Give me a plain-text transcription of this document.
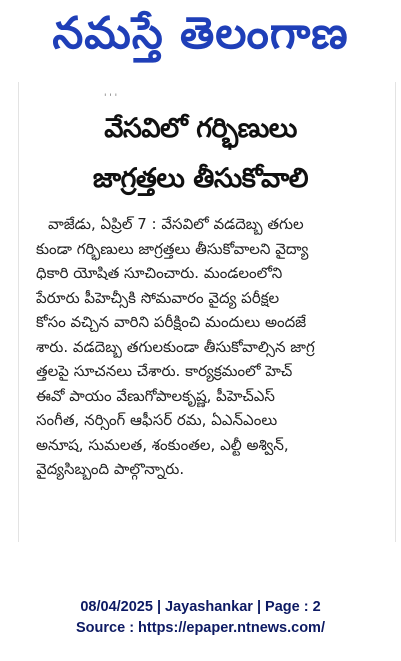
నమస్తే తెలంగాణ
' ' '
వేసవిలో గర్భిణులు
జాగ్రత్తలు తీసుకోవాలి
వాజేడు, ఏప్రిల్ 7 : వేసవిలో వడదెబ్బ తగుల
కుండా గర్భిణులు జాగ్రత్తలు తీసుకోవాలని వైద్యా
ధికారి యోషిత సూచించారు. మండలంలోని
పేరూరు పీహెచ్సీకి సోమవారం వైద్య పరీక్షల
కోసం వచ్చిన వారిని పరీక్షించి మందులు అందజే
శారు. వడదెబ్బ తగులకుండా తీసుకోవాల్సిన జాగ్ర
త్తలపై సూచనలు చేశారు. కార్యక్రమంలో హెచ్
ఈవో పాయం వేణుగోపాలకృష్ణ, పీహెచ్ఎస్
సంగీత, నర్సింగ్ ఆఫీసర్ రమ, ఏఎన్ఎంలు
అనూష, సుమలత, శంకుంతల, ఎల్టీ అశ్విన్,
వైద్యసిబ్బంది పాల్గొన్నారు.
08/04/2025 | Jayashankar | Page : 2
Source : https://epaper.ntnews.com/
